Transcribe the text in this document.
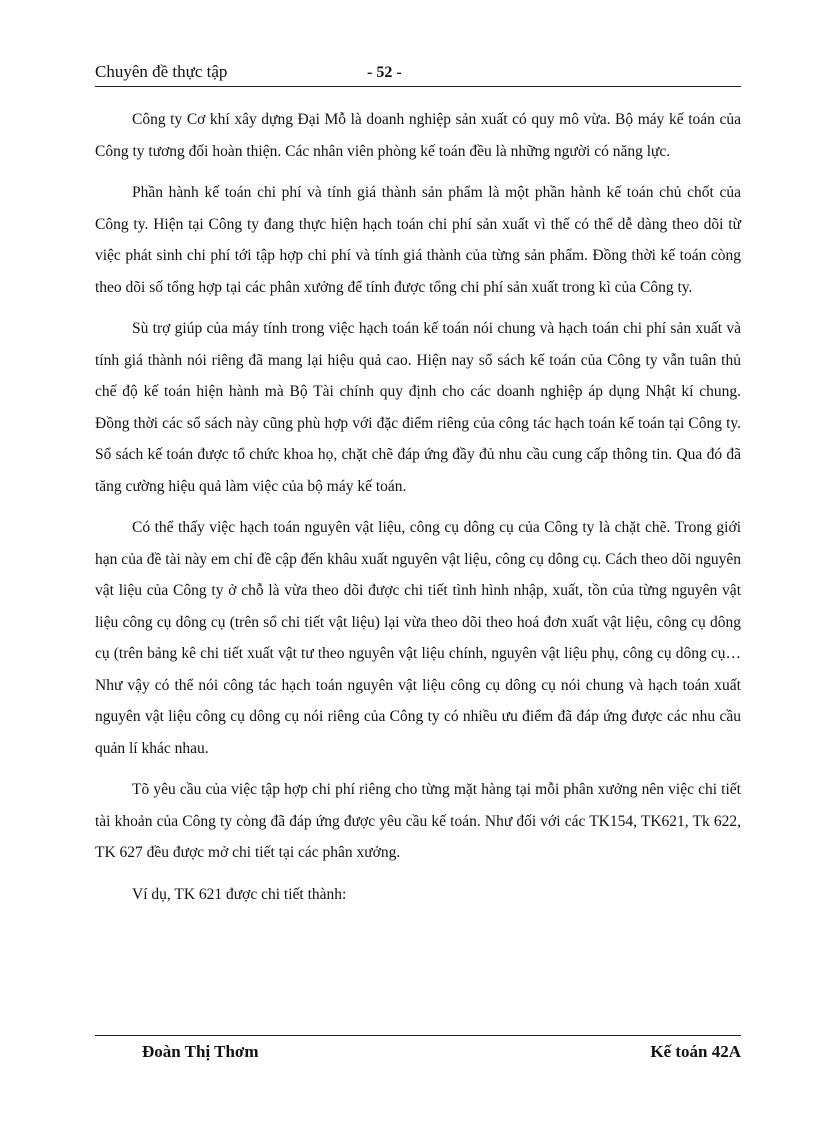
Chuyên đề thực tập	- 52 -

Công ty Cơ khí xây dựng Đại Mỗ là doanh nghiệp sản xuất có quy mô vừa. Bộ máy kế toán của Công ty tương đối hoàn thiện. Các nhân viên phòng kế toán đều là những người có năng lực.

Phần hành kế toán chi phí và tính giá thành sản phẩm là một phần hành kế toán chủ chốt của Công ty. Hiện tại Công ty đang thực hiện hạch toán chi phí sản xuất vì thế có thể dễ dàng theo dõi từ việc phát sinh chi phí tới tập hợp chi phí và tính giá thành của từng sản phẩm. Đồng thời kế toán còng theo dõi số tổng hợp tại các phân xưởng để tính được tổng chi phí sản xuất trong kì của Công ty.

Sù trợ giúp của máy tính trong việc hạch toán kế toán nói chung và hạch toán chi phí sản xuất và tính giá thành nói riêng đã mang lại hiệu quả cao. Hiện nay sổ sách kế toán của Công ty vẫn tuân thủ chế độ kế toán hiện hành mà Bộ Tài chính quy định cho các doanh nghiệp áp dụng Nhật kí chung. Đồng thời các sổ sách này cũng phù hợp với đặc điểm riêng của công tác hạch toán kế toán tại Công ty. Sổ sách kế toán được tổ chức khoa họ, chặt chẽ đáp ứng đầy đủ nhu cầu cung cấp thông tin. Qua đó đã tăng cường hiệu quả làm việc của bộ máy kế toán.

Có thể thấy việc hạch toán nguyên vật liệu, công cụ dông cụ của Công ty là chặt chẽ. Trong giới hạn của đề tài này em chỉ đề cập đến khâu xuất nguyên vật liệu, công cụ dông cụ. Cách theo dõi nguyên vật liệu của Công ty ở chỗ là vừa theo dõi được chi tiết tình hình nhập, xuất, tồn của từng nguyên vật liệu công cụ dông cụ (trên sổ chi tiết vật liệu) lại vừa theo dõi theo hoá đơn xuất vật liệu, công cụ dông cụ (trên bảng kê chi tiết xuất vật tư theo nguyên vật liệu chính, nguyên vật liệu phụ, công cụ dông cụ… Như vậy có thể nói công tác hạch toán nguyên vật liệu công cụ dông cụ nói chung và hạch toán xuất nguyên vật liệu công cụ dông cụ nói riêng của Công ty có nhiều ưu điểm đã đáp ứng được các nhu cầu quản lí khác nhau.

Tõ yêu cầu của việc tập hợp chi phí riêng cho từng mặt hàng tại mỗi phân xưởng nên việc chi tiết tài khoản của Công ty còng đã đáp ứng được yêu cầu kế toán. Như đối với các TK154, TK621, Tk 622, TK 627 đều được mở chi tiết tại các phân xưởng.

Ví dụ, TK 621 được chi tiết thành:

Đoàn Thị Thơm	Kế toán 42A
